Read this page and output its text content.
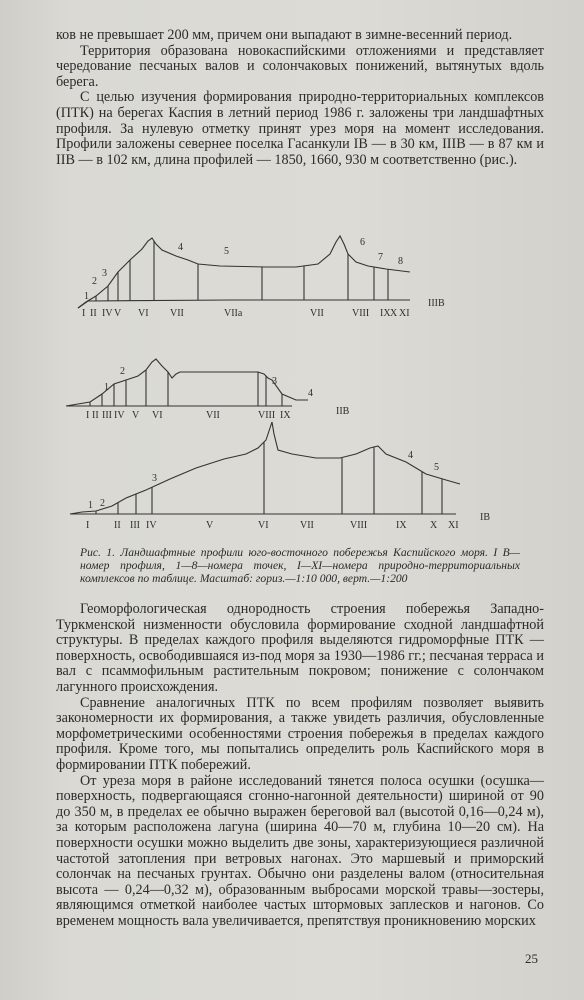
ков не превышает 200 мм, причем они выпадают в зимне-весенний период.

Территория образована новокаспийскими отложениями и представляет чередование песчаных валов и солончаковых понижений, вытянутых вдоль берега.

С целью изучения формирования природно-территориальных комплексов (ПТК) на берегах Каспия в летний период 1986 г. заложены три ландшафтных профиля. За нулевую отметку принят урез моря на момент исследования. Профили заложены севернее поселка Гасанкули IВ — в 30 км, IIIВ — в 87 км и IIВ — в 102 км, длина профилей — 1850, 1660, 930 м соответственно (рис.).

1
2
3
4	5
6
7 8
I II IV V VI VII	VIIa	VII	VIII IX X XI
IIIВ
1
2
3
4
I II III IV V VI	VII	VIII IX	IIВ
1 2
3
4
5
I II III IV	V	VI	VII	VIII	IX X XI
IВ
Рис. 1. Ландшафтные профили юго-восточного побережья Каспийского моря. I В—номер профиля, 1—8—номера точек, I—XI—номера природно-территориальных комплексов по таблице. Масштаб: гориз.—1:10 000, верт.—1:200

Геоморфологическая однородность строения побережья Западно-Туркменской низменности обусловила формирование сходной ландшафтной структуры. В пределах каждого профиля выделяются гидроморфные ПТК — поверхность, освободившаяся из-под моря за 1930—1986 гг.; песчаная терраса и вал с псаммофильным растительным покровом; понижение с солончаком лагунного происхождения.

Сравнение аналогичных ПТК по всем профилям позволяет выявить закономерности их формирования, а также увидеть различия, обусловленные морфометрическими особенностями строения побережья в пределах каждого профиля. Кроме того, мы попытались определить роль Каспийского моря в формировании ПТК побережий.

От уреза моря в районе исследований тянется полоса осушки (осушка—поверхность, подвергающаяся сгонно-нагонной деятельности) шириной от 90 до 350 м, в пределах ее обычно выражен береговой вал (высотой 0,16—0,24 м), за которым расположена лагуна (ширина 40—70 м, глубина 10—20 см). На поверхности осушки можно выделить две зоны, характеризующиеся различной частотой затопления при ветровых нагонах. Это маршевый и приморский солончак на песчаных грунтах. Обычно они разделены валом (относительная высота — 0,24—0,32 м), образованным выбросами морской травы—зостеры, являющимся отметкой наиболее частых штормовых заплесков и нагонов. Со временем мощность вала увеличивается, препятствуя проникновению морских

25
